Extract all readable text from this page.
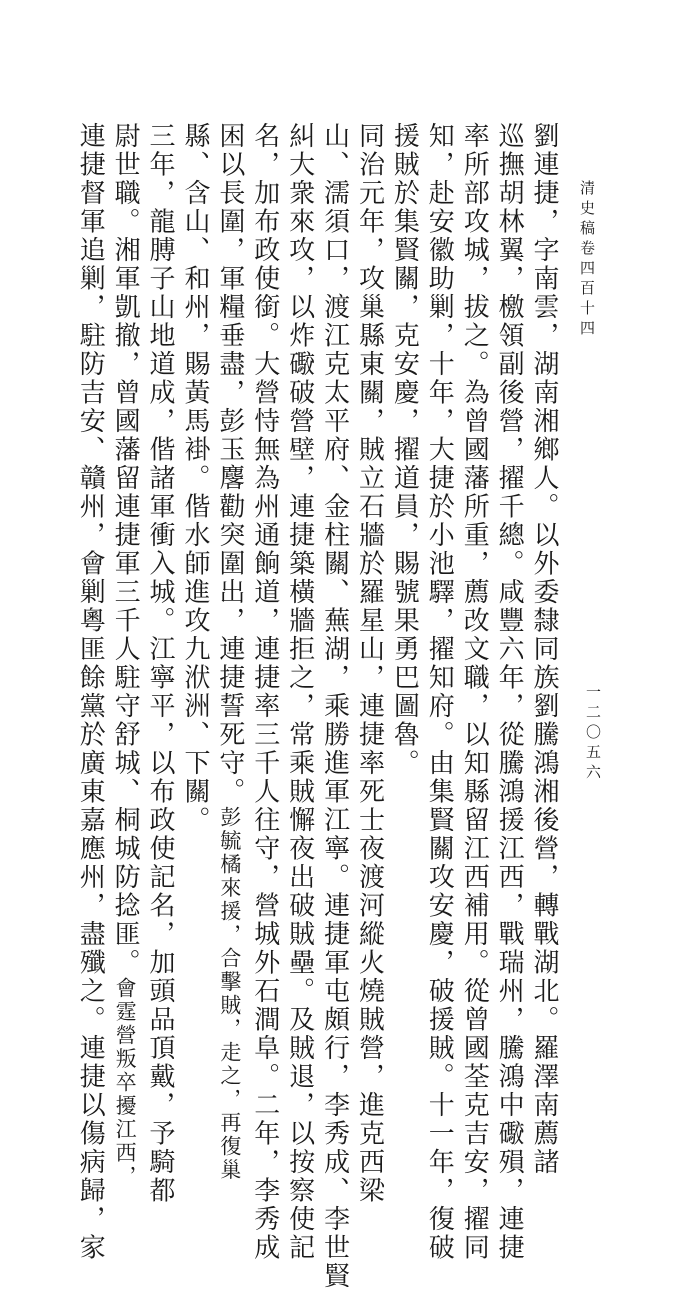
清史稿卷四百十四
一二〇五六
劉連捷，字南雲，湖南湘鄉人。以外委隸同族劉騰鴻湘後營，轉戰湖北。羅澤南薦諸
巡撫胡林翼，檄領副後營，擢千總。咸豐六年，從騰鴻援江西，戰瑞州，騰鴻中礮殞，連捷
率所部攻城，拔之。為曾國藩所重，薦改文職，以知縣留江西補用。從曾國荃克吉安，擢同
知，赴安徽助剿，十年，大捷於小池驛，擢知府。由集賢關攻安慶，破援賊。十一年，復破
援賊於集賢關，克安慶，擢道員，賜號果勇巴圖魯。
同治元年，攻巢縣東關，賊立石牆於羅星山，連捷率死士夜渡河縱火燒賊營，進克西梁
山、濡須口，渡江克太平府、金柱關、蕪湖，乘勝進軍江寧。連捷軍屯頗行，李秀成、李世賢
糾大衆來攻，以炸礮破營壁，連捷築橫牆拒之，常乘賊懈夜出破賊壘。及賊退，以按察使記
名，加布政使銜。大營恃無為州通餉道，連捷率三千人往守，營城外石澗阜。二年，李秀成
困以長圍，軍糧垂盡，彭玉麐勸突圍出，連捷誓死守。彭毓橘來援，合擊賊，走之，再復巢
縣、含山、和州，賜黃馬褂。偕水師進攻九洑洲、下關。
三年，龍膊子山地道成，偕諸軍衝入城。江寧平，以布政使記名，加頭品頂戴，予騎都
尉世職。湘軍凱撤，曾國藩留連捷軍三千人駐守舒城、桐城防捻匪。會霆營叛卒擾江西，
連捷督軍追剿，駐防吉安、贛州，會剿粵匪餘黨於廣東嘉應州，盡殲之。連捷以傷病歸，家
